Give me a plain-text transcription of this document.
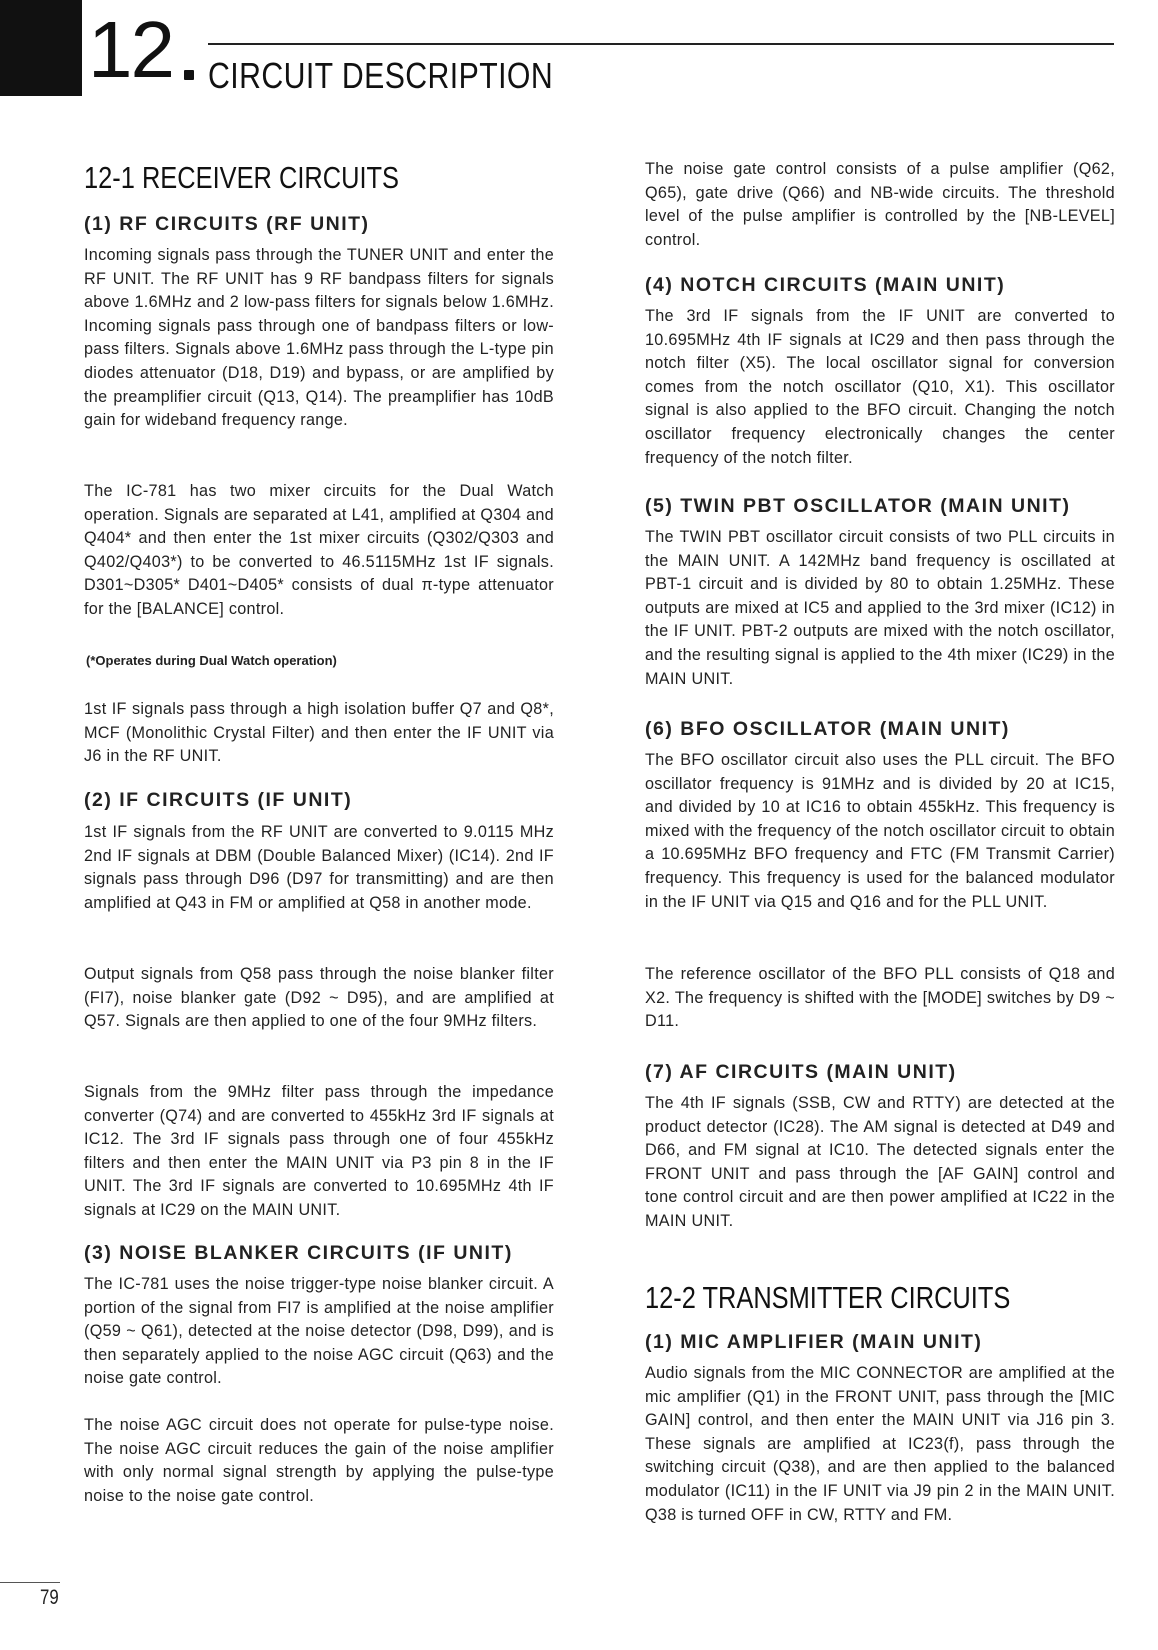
12 CIRCUIT DESCRIPTION
12-1 RECEIVER CIRCUITS
(1) RF CIRCUITS (RF UNIT)

Incoming signals pass through the TUNER UNIT and enter the RF UNIT. The RF UNIT has 9 RF bandpass filters for signals above 1.6MHz and 2 low-pass filters for signals below 1.6MHz. Incoming signals pass through one of bandpass filters or low-pass filters. Signals above 1.6MHz pass through the L-type pin diodes attenuator (D18, D19) and bypass, or are amplified by the preamplifier circuit (Q13, Q14). The preamplifier has 10dB gain for wideband frequency range.

The IC-781 has two mixer circuits for the Dual Watch operation. Signals are separated at L41, amplified at Q304 and Q404* and then enter the 1st mixer circuits (Q302/Q303 and Q402/Q403*) to be converted to 46.5115MHz 1st IF signals. D301~D305* D401~D405* consists of dual π-type attenuator for the [BALANCE] control.

(*Operates during Dual Watch operation)

1st IF signals pass through a high isolation buffer Q7 and Q8*, MCF (Monolithic Crystal Filter) and then enter the IF UNIT via J6 in the RF UNIT.

(2) IF CIRCUITS (IF UNIT)

1st IF signals from the RF UNIT are converted to 9.0115 MHz 2nd IF signals at DBM (Double Balanced Mixer) (IC14). 2nd IF signals pass through D96 (D97 for transmitting) and are then amplified at Q43 in FM or amplified at Q58 in another mode.

Output signals from Q58 pass through the noise blanker filter (FI7), noise blanker gate (D92 ~ D95), and are amplified at Q57. Signals are then applied to one of the four 9MHz filters.

Signals from the 9MHz filter pass through the impedance converter (Q74) and are converted to 455kHz 3rd IF signals at IC12. The 3rd IF signals pass through one of four 455kHz filters and then enter the MAIN UNIT via P3 pin 8 in the IF UNIT. The 3rd IF signals are converted to 10.695MHz 4th IF signals at IC29 on the MAIN UNIT.

(3) NOISE BLANKER CIRCUITS (IF UNIT)

The IC-781 uses the noise trigger-type noise blanker circuit. A portion of the signal from FI7 is amplified at the noise amplifier (Q59 ~ Q61), detected at the noise detector (D98, D99), and is then separately applied to the noise AGC circuit (Q63) and the noise gate control.

The noise AGC circuit does not operate for pulse-type noise. The noise AGC circuit reduces the gain of the noise amplifier with only normal signal strength by applying the pulse-type noise to the noise gate control.

The noise gate control consists of a pulse amplifier (Q62, Q65), gate drive (Q66) and NB-wide circuits. The threshold level of the pulse amplifier is controlled by the [NB-LEVEL] control.

(4) NOTCH CIRCUITS (MAIN UNIT)

The 3rd IF signals from the IF UNIT are converted to 10.695MHz 4th IF signals at IC29 and then pass through the notch filter (X5). The local oscillator signal for conversion comes from the notch oscillator (Q10, X1). This oscillator signal is also applied to the BFO circuit. Changing the notch oscillator frequency electronically changes the center frequency of the notch filter.

(5) TWIN PBT OSCILLATOR (MAIN UNIT)

The TWIN PBT oscillator circuit consists of two PLL circuits in the MAIN UNIT. A 142MHz band frequency is oscillated at PBT-1 circuit and is divided by 80 to obtain 1.25MHz. These outputs are mixed at IC5 and applied to the 3rd mixer (IC12) in the IF UNIT. PBT-2 outputs are mixed with the notch oscillator, and the resulting signal is applied to the 4th mixer (IC29) in the MAIN UNIT.

(6) BFO OSCILLATOR (MAIN UNIT)

The BFO oscillator circuit also uses the PLL circuit. The BFO oscillator frequency is 91MHz and is divided by 20 at IC15, and divided by 10 at IC16 to obtain 455kHz. This frequency is mixed with the frequency of the notch oscillator circuit to obtain a 10.695MHz BFO frequency and FTC (FM Transmit Carrier) frequency. This frequency is used for the balanced modulator in the IF UNIT via Q15 and Q16 and for the PLL UNIT.

The reference oscillator of the BFO PLL consists of Q18 and X2. The frequency is shifted with the [MODE] switches by D9 ~ D11.

(7) AF CIRCUITS (MAIN UNIT)

The 4th IF signals (SSB, CW and RTTY) are detected at the product detector (IC28). The AM signal is detected at D49 and D66, and FM signal at IC10. The detected signals enter the FRONT UNIT and pass through the [AF GAIN] control and tone control circuit and are then power amplified at IC22 in the MAIN UNIT.

12-2 TRANSMITTER CIRCUITS
(1) MIC AMPLIFIER (MAIN UNIT)

Audio signals from the MIC CONNECTOR are amplified at the mic amplifier (Q1) in the FRONT UNIT, pass through the [MIC GAIN] control, and then enter the MAIN UNIT via J16 pin 3. These signals are amplified at IC23(f), pass through the switching circuit (Q38), and are then applied to the balanced modulator (IC11) in the IF UNIT via J9 pin 2 in the MAIN UNIT. Q38 is turned OFF in CW, RTTY and FM.

79
